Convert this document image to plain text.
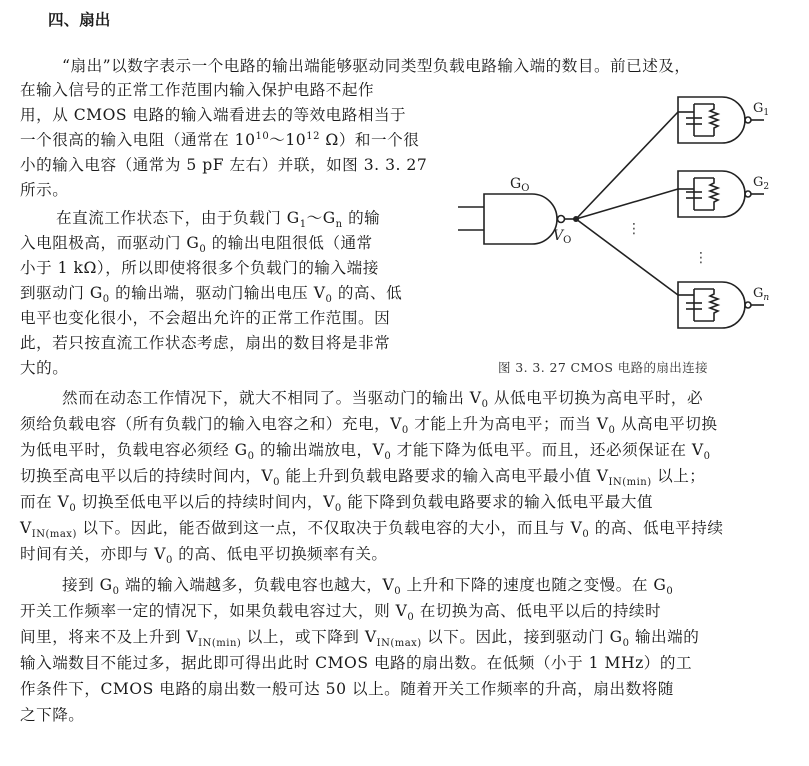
四、扇出
“扇出”以数字表示一个电路的输出端能够驱动同类型负载电路输入端的数目。前已述及，
在输入信号的正常工作范围内输入保护电路不起作
用，从 CMOS 电路的输入端看进去的等效电路相当于
一个很高的输入电阻（通常在 $10^{10}\sim 10^{12}$ Ω）和一个很
小的输入电容（通常为 5 pF 左右）并联，如图 3. 3. 27
所示。
在直流工作状态下，由于负载门 $G_1\sim G_n$ 的输
入电阻极高，而驱动门 $G_0$ 的输出电阻很低（通常
小于 1 kΩ），所以即使将很多个负载门的输入端接
到驱动门 $G_0$ 的输出端，驱动门输出电压 $V_0$ 的高、低
电平也变化很小，不会超出允许的正常工作范围。因
此，若只按直流工作状态考虑，扇出的数目将是非常
大的。
然而在动态工作情况下，就大不相同了。当驱动门的输出 $V_0$ 从低电平切换为高电平时，必
须给负载电容（所有负载门的输入电容之和）充电，$V_0$ 才能上升为高电平；而当 $V_0$ 从高电平切换
为低电平时，负载电容必须经 $G_0$ 的输出端放电，$V_0$ 才能下降为低电平。而且，还必须保证在 $V_0$
切换至高电平以后的持续时间内，$V_0$ 能上升到负载电路要求的输入高电平最小值 $V_{IN(min)}$ 以上；
而在 $V_0$ 切换至低电平以后的持续时间内，$V_0$ 能下降到负载电路要求的输入低电平最大值
$V_{IN(max)}$ 以下。因此，能否做到这一点，不仅取决于负载电容的大小，而且与 $V_0$ 的高、低电平持续
时间有关，亦即与 $V_0$ 的高、低电平切换频率有关。
接到 $G_0$ 端的输入端越多，负载电容也越大，$V_0$ 上升和下降的速度也随之变慢。在 $G_0$
开关工作频率一定的情况下，如果负载电容过大，则 $V_0$ 在切换为高、低电平以后的持续时
间里，将来不及上升到 $V_{IN(min)}$ 以上，或下降到 $V_{IN(max)}$ 以下。因此，接到驱动门 $G_0$ 输出端的
输入端数目不能过多，据此即可得出此时 CMOS 电路的扇出数。在低频（小于 1 MHz）的工
作条件下，CMOS 电路的扇出数一般可达 50 以上。随着开关工作频率的升高，扇出数将随
之下降。
$G_O$
$V_O$
$G_1$
$G_2$
$G_n$
⋮
⋮
图 3. 3. 27 CMOS 电路的扇出连接
